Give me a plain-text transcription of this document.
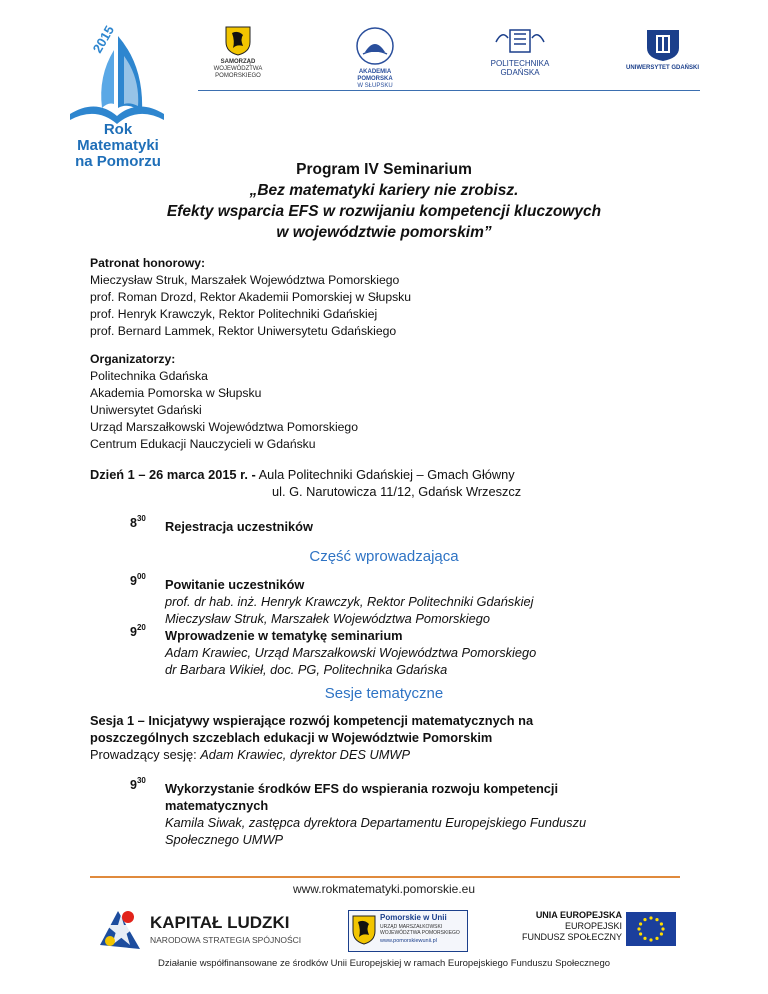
2015
Rok Matematyki
na Pomorzu
SAMORZĄD
WOJEWÓDZTWA POMORSKIEGO
AKADEMIA POMORSKA
W SŁUPSKU
POLITECHNIKA
GDAŃSKA	UNIWERSYTET GDAŃSKI
Program IV Seminarium
„Bez matematyki kariery nie zrobisz.
Efekty wsparcia EFS w rozwijaniu kompetencji kluczowych
w województwie pomorskim”
Patronat honorowy:
Mieczysław Struk, Marszałek Województwa Pomorskiego
prof. Roman Drozd, Rektor Akademii Pomorskiej w Słupsku
prof. Henryk Krawczyk, Rektor Politechniki Gdańskiej
prof. Bernard Lammek, Rektor Uniwersytetu Gdańskiego
Organizatorzy:
Politechnika Gdańska
Akademia Pomorska w Słupsku
Uniwersytet Gdański
Urząd Marszałkowski Województwa Pomorskiego
Centrum Edukacji Nauczycieli w Gdańsku
Dzień 1 – 26 marca 2015 r. - Aula Politechniki Gdańskiej – Gmach Główny
ul. G. Narutowicza 11/12, Gdańsk Wrzeszcz
$8^{30}$
Rejestracja uczestników
Część wprowadzająca
$9^{00}$
Powitanie uczestników
prof. dr hab. inż. Henryk Krawczyk, Rektor Politechniki Gdańskiej
Mieczysław Struk, Marszałek Województwa Pomorskiego
$9^{20}$
Wprowadzenie w tematykę seminarium
Adam Krawiec, Urząd Marszałkowski Województwa Pomorskiego
dr Barbara Wikieł, doc. PG, Politechnika Gdańska
Sesje tematyczne
Sesja 1 – Inicjatywy wspierające rozwój kompetencji matematycznych na
poszczególnych szczeblach edukacji w Województwie Pomorskim
Prowadzący sesję: Adam Krawiec, dyrektor DES UMWP
$9^{30}$
Wykorzystanie środków EFS do wspierania rozwoju kompetencji
matematycznych
Kamila Siwak, zastępca dyrektora Departamentu Europejskiego Funduszu
Społecznego UMWP
www.rokmatematyki.pomorskie.eu
KAPITAŁ LUDZKI
NARODOWA STRATEGIA SPÓJNOŚCI
Pomorskie w Unii
URZĄD MARSZAŁKOWSKI
WOJEWÓDZTWA POMORSKIEGO
www.pomorskiewunii.pl
UNIA EUROPEJSKA
EUROPEJSKI
FUNDUSZ SPOŁECZNY
Działanie współfinansowane ze środków Unii Europejskiej w ramach Europejskiego Funduszu Społecznego
